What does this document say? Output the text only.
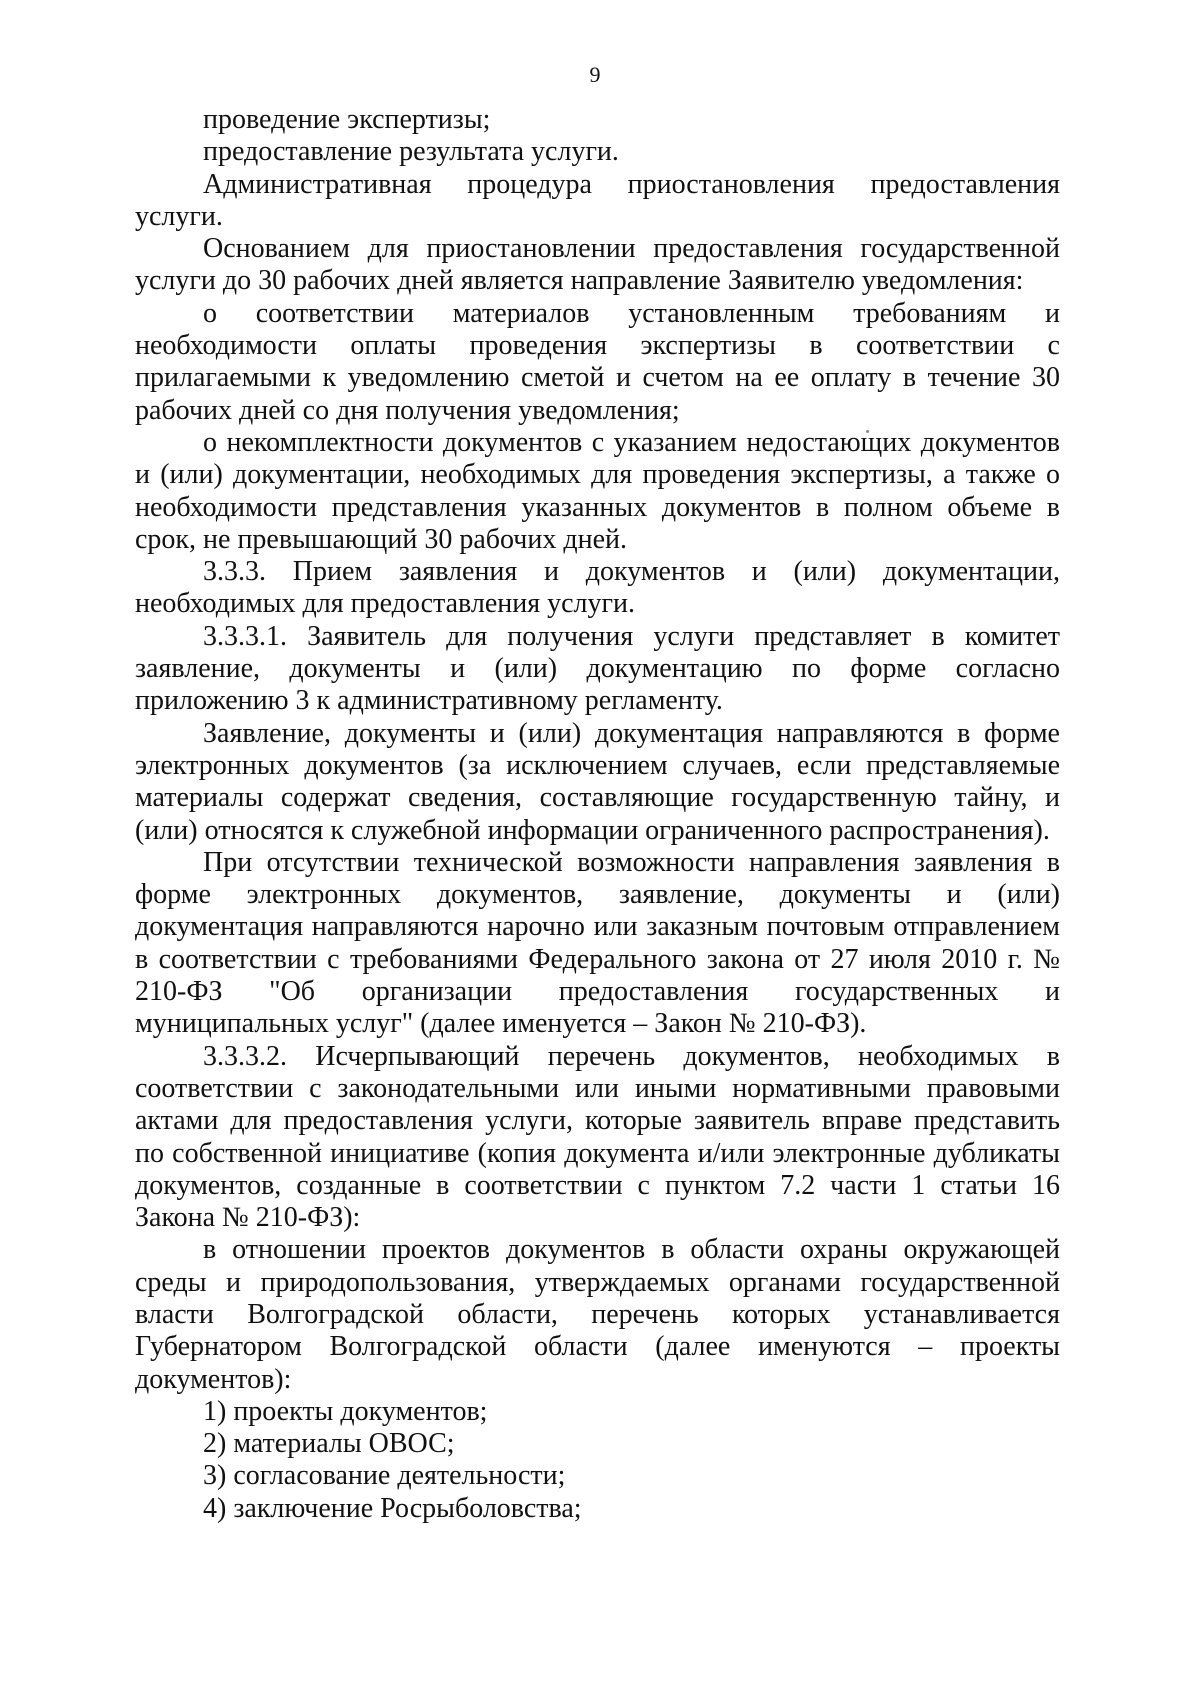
9

проведение экспертизы;

предоставление результата услуги.

Административная процедура приостановления предоставления услуги.

Основанием для приостановлении предоставления государственной услуги до 30 рабочих дней является направление Заявителю уведомления:

о соответствии материалов установленным требованиям и необходимости оплаты проведения экспертизы в соответствии с прилагаемыми к уведомлению сметой и счетом на ее оплату в течение 30 рабочих дней со дня получения уведомления;

о некомплектности документов с указанием недостающих документов и (или) документации, необходимых для проведения экспертизы, а также о необходимости представления указанных документов в полном объеме в срок, не превышающий 30 рабочих дней.

3.3.3. Прием заявления и документов и (или) документации, необходимых для предоставления услуги.

3.3.3.1. Заявитель для получения услуги представляет в комитет заявление, документы и (или) документацию по форме согласно приложению 3 к административному регламенту.

Заявление, документы и (или) документация направляются в форме электронных документов (за исключением случаев, если представляемые материалы содержат сведения, составляющие государственную тайну, и (или) относятся к служебной информации ограниченного распространения).

При отсутствии технической возможности направления заявления в форме электронных документов, заявление, документы и (или) документация направляются нарочно или заказным почтовым отправлением в соответствии с требованиями Федерального закона от 27 июля 2010 г. № 210-ФЗ "Об организации предоставления государственных и муниципальных услуг" (далее именуется – Закон № 210-ФЗ).

3.3.3.2. Исчерпывающий перечень документов, необходимых в соответствии с законодательными или иными нормативными правовыми актами для предоставления услуги, которые заявитель вправе представить по собственной инициативе (копия документа и/или электронные дубликаты документов, созданные в соответствии с пунктом 7.2 части 1 статьи 16 Закона № 210-ФЗ):

в отношении проектов документов в области охраны окружающей среды и природопользования, утверждаемых органами государственной власти Волгоградской области, перечень которых устанавливается Губернатором Волгоградской области (далее именуются – проекты документов):

1) проекты документов;

2) материалы ОВОС;

3) согласование деятельности;

4) заключение Росрыболовства;
